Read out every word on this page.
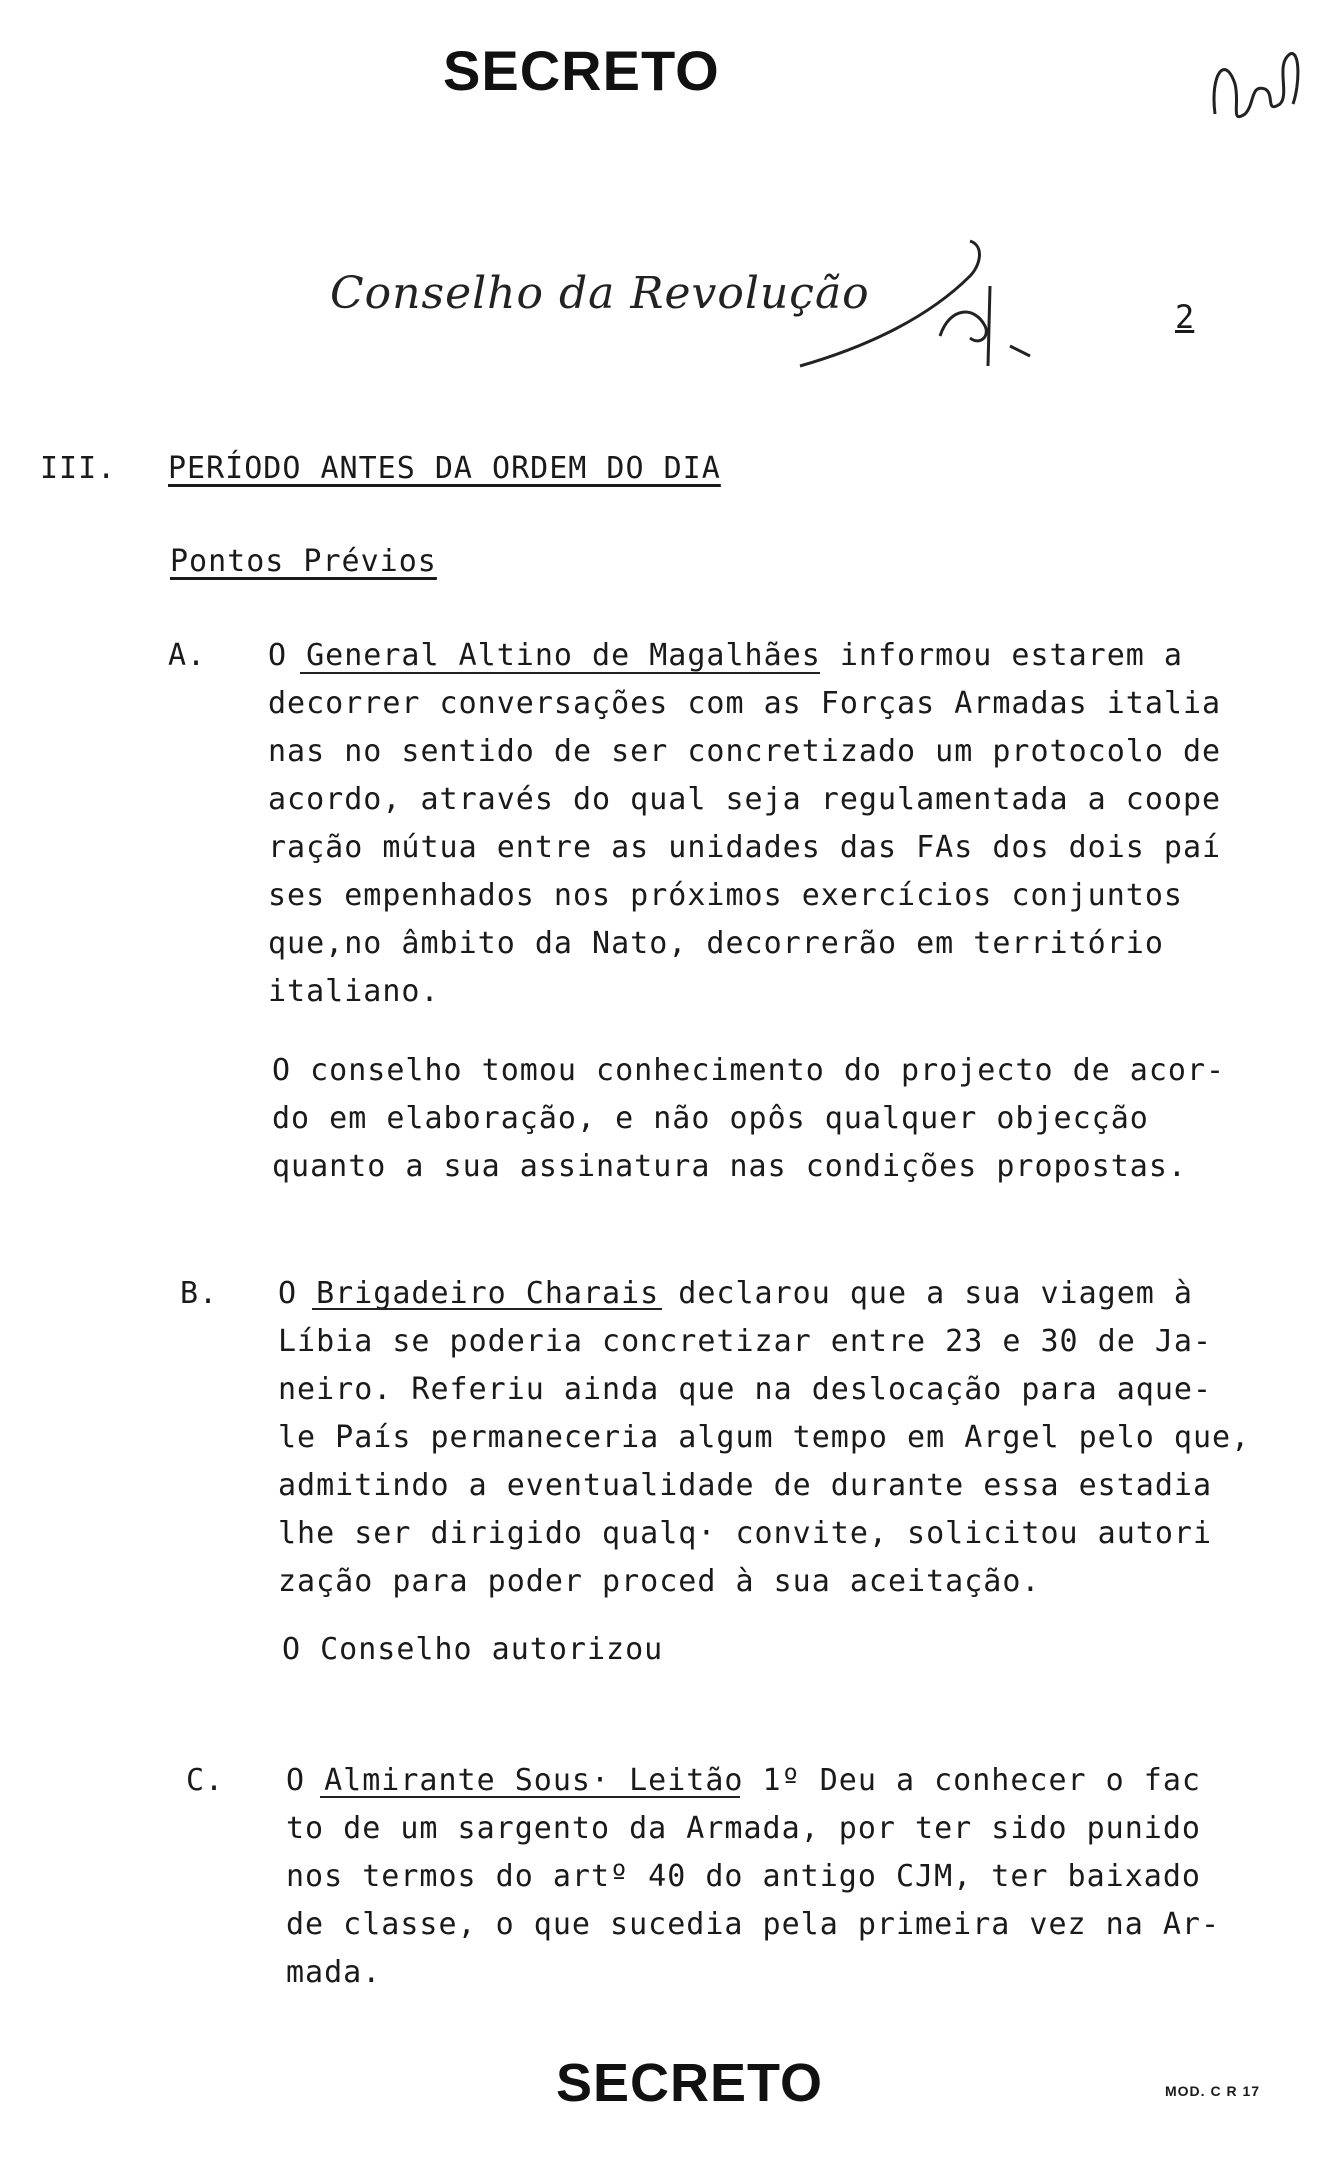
SECRETO
Conselho da Revolução	2
III. PERÍODO ANTES DA ORDEM DO DIA
Pontos Prévios
A. O General Altino de Magalhães informou estarem a
decorrer conversações com as Forças Armadas italia
nas no sentido de ser concretizado um protocolo de
acordo, através do qual seja regulamentada a coope
ração mútua entre as unidades das FAs dos dois paí
ses empenhados nos próximos exercícios conjuntos
que,no âmbito da Nato, decorrerão em território
italiano.
O conselho tomou conhecimento do projecto de acor-
do em elaboração, e não opôs qualquer objecção
quanto a sua assinatura nas condições propostas.
B. O Brigadeiro Charais declarou que a sua viagem à
Líbia se poderia concretizar entre 23 e 30 de Ja-
neiro. Referiu ainda que na deslocação para aque-
le País permaneceria algum tempo em Argel pelo que,
admitindo a eventualidade de durante essa estadia
lhe ser dirigido qualq· convite, solicitou autori
zação para poder proced à sua aceitação.
O Conselho autorizou
C. O Almirante Sous· Leitão 1º Deu a conhecer o fac
to de um sargento da Armada, por ter sido punido
nos termos do artº 40 do antigo CJM, ter baixado
de classe, o que sucedia pela primeira vez na Ar-
mada.
SECRETO	MOD. C R 17
